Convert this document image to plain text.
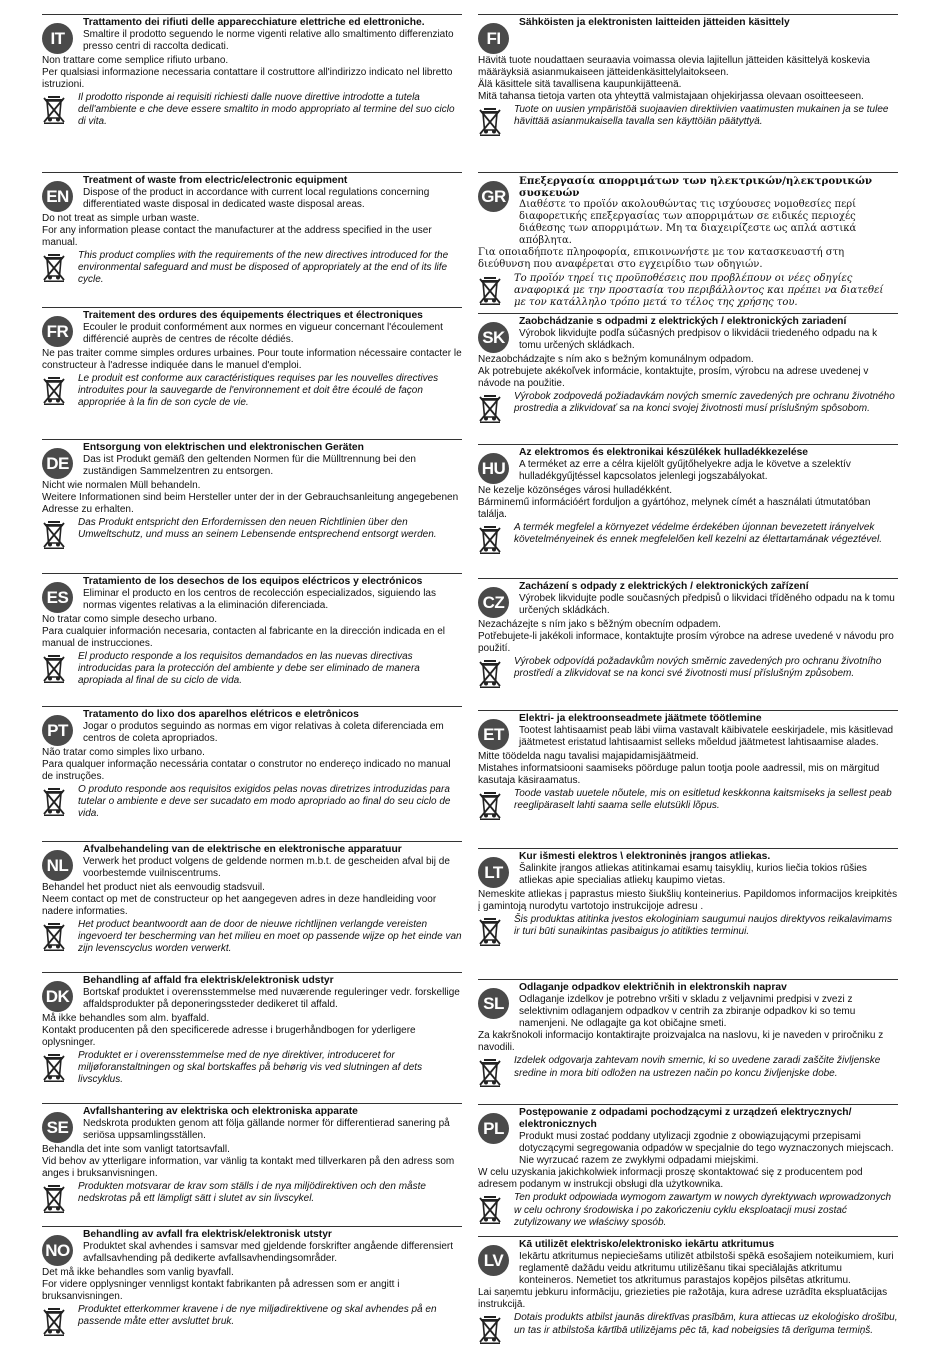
IT
Trattamento dei rifiuti delle apparecchiature elettriche ed elettroniche.
Smaltire il prodotto seguendo le norme vigenti relative allo smaltimento differenziato presso centri di raccolta dedicati.
Non trattare come semplice rifiuto urbano.
Per qualsiasi informazione necessaria contattare il costruttore all'indirizzo indicato nel libretto istruzioni.
Il prodotto risponde ai requisiti richiesti dalle nuove direttive introdotte a tutela dell'ambiente e che deve essere smaltito in modo appropriato al termine del suo ciclo di vita.
EN
Treatment of waste from electric/electronic equipment
Dispose of the product in accordance with current local regulations concerning differentiated waste disposal in dedicated waste disposal areas.
Do not treat as simple urban waste.
For any information please contact the manufacturer at the address specified in the user manual.
This product complies with the requirements of the new directives introduced for the environmental safeguard and must be disposed of appropriately at the end of its life cycle.
FR
Traitement des ordures des équipements électriques et électroniques
Ecouler le produit conformément aux normes en vigueur concernant l'écoulement différencié auprès de centres de récolte dédiés.
Ne pas traiter comme simples ordures urbaines. Pour toute information nécessaire contacter le constructeur à l'adresse indiquée dans le manuel d'emploi.
Le produit est conforme aux caractéristiques requises par les nouvelles directives introduites pour la sauvegarde de l'environnement et doit être écoulé de façon appropriée à la fin de son cycle de vie.
DE
Entsorgung von elektrischen und elektronischen Geräten
Das ist Produkt gemäß den geltenden Normen für die Mülltrennung bei den zuständigen Sammelzentren zu entsorgen.
Nicht wie normalen Müll behandeln.
Weitere Informationen sind beim Hersteller unter der in der Gebrauchsanleitung angegebenen Adresse zu erhalten.
Das Produkt entspricht den Erfordernissen den neuen Richtlinien über den Umweltschutz, und muss an seinem Lebensende entsprechend entsorgt werden.
ES
Tratamiento de los desechos de los equipos eléctricos y electrónicos
Eliminar el producto en los centros de recolección especializados, siguiendo las normas vigentes relativas a la eliminación diferenciada.
No tratar como simple desecho urbano.
Para cualquier información necesaria, contacten al fabricante en la dirección indicada en el manual de instrucciones.
El producto responde a los requisitos demandados en las nuevas directivas introducidas para la protección del ambiente y debe ser eliminado de manera apropiada al final de su ciclo de vida.
PT
Tratamento do lixo dos aparelhos elétricos e eletrônicos
Jogar o produtos seguindo as normas em vigor relativas à coleta diferenciada em centros de coleta apropriados.
Não tratar como simples lixo urbano.
Para qualquer informação necessária contatar o construtor no endereço indicado no manual de instruções.
O produto responde aos requisitos exigidos pelas novas diretrizes introduzidas para tutelar o ambiente e deve ser sucadato em modo apropriado ao final do seu ciclo de vida.
NL
Afvalbehandeling van de elektrische en elektronische apparatuur
Verwerk het product volgens de geldende normen m.b.t. de gescheiden afval bij de voorbestemde vuilniscentrums.
Behandel het product niet als eenvoudig stadsvuil.
Neem contact op met de constructeur op het aangegeven adres in deze handleiding voor nadere informaties.
Het product beantwoordt aan de door de nieuwe richtlijnen verlangde vereisten ingevoerd ter bescherming van het milieu en moet op passende wijze op het einde van zijn levenscyclus worden verwerkt.
DK
Behandling af affald fra elektrisk/elektronisk udstyr
Bortskaf produktet i overensstemmelse med nuværende reguleringer vedr. forskellige affaldsprodukter på deponeringssteder dedikeret til affald.
Må ikke behandles som alm. byaffald.
Kontakt producenten på den specificerede adresse i brugerhåndbogen for yderligere oplysninger.
Produktet er i overensstemmelse med de nye direktiver, introduceret for miljøforanstaltningen og skal bortskaffes på behørig vis ved slutningen af dets livscyklus.
SE
Avfallshantering av elektriska och elektroniska apparate
Nedskrota produkten genom att följa gällande normer för differentierad sanering på seriösa uppsamlingsställen.
Behandla det inte som vanligt tatortsavfall.
Vid behov av ytterligare information, var vänlig ta kontakt med tillverkaren på den adress som anges i bruksanvisningen.
Produkten motsvarar de krav som ställs i de nya miljödirektiven och den måste nedskrotas på ett lämpligt sätt i slutet av sin livscykel.
NO
Behandling av avfall fra elektrisk/elektronisk utstyr
Produktet skal avhendes i samsvar med gjeldende forskrifter angående differensiert avfallsavhending på dedikerte avfallsavhendingsområder.
Det må ikke behandles som vanlig byavfall.
For videre opplysninger vennligst kontakt fabrikanten på adressen som er angitt i bruksanvisningen.
Produktet etterkommer kravene i de nye miljødirektivene og skal avhendes på en passende måte etter avsluttet bruk.
FI
Sähköisten ja elektronisten laitteiden jätteiden käsittely
Hävitä tuote noudattaen seuraavia voimassa olevia lajitellun jätteiden käsittelyä koskevia määräyksiä asianmukaiseen jätteidenkäsittelylaitokseen.
Älä käsittele sitä tavallisena kaupunkijätteenä.
Mitä tahansa tietoja varten ota yhteyttä valmistajaan ohjekirjassa olevaan osoitteeseen.
Tuote on uusien ympäristöä suojaavien direktiivien vaatimusten mukainen ja se tulee hävittää asianmukaisella tavalla sen käyttöiän päätyttyä.
GR
Επεξεργασία απορριμάτων των ηλεκτρικών/ηλεκτρονικών συσκευών
Διαθέστε το προϊόν ακολουθώντας τις ισχύουσες νομοθεσίες περί διαφορετικής επεξεργασίας των απορριμάτων σε ειδικές περιοχές διάθεσης των απορριμάτων. Μη τα διαχειρίζεστε ως απλά αστικά απόβλητα.
Για οποιαδήποτε πληροφορία, επικοινωνήστε με τον κατασκευαστή στη διεύθυνση που αναφέρεται στο εγχειρίδιο των οδηγιών.
Το προϊόν τηρεί τις προϋποθέσεις που προβλέπουν οι νέες οδηγίες αναφορικά με την προστασία του περιβάλλοντος και πρέπει να διατεθεί με τον κατάλληλο τρόπο μετά το τέλος της χρήσης του.
SK
Zaobchádzanie s odpadmi z elektrických / elektronických zariadení
Výrobok likvidujte podľa súčasných predpisov o likvidácii triedeného odpadu na k tomu určených skládkach.
Nezaobchádzajte s ním ako s bežným komunálnym odpadom.
Ak potrebujete akékoľvek informácie, kontaktujte, prosím, výrobcu na adrese uvedenej v návode na použitie.
Výrobok zodpovedá požiadavkám nových smerníc zavedených pre ochranu životného prostredia a zlikvidovať sa na konci svojej životnosti musí príslušným spôsobom.
HU
Az elektromos és elektronikai készülékek hulladékkezelése
A terméket az erre a célra kijelölt gyűjtőhelyekre adja le követve a szelektív hulladékgyűjtéssel kapcsolatos jelenlegi jogszabályokat.
Ne kezelje közönséges városi hulladékként.
Bárminemű információért forduljon a gyártóhoz, melynek címét a használati útmutatóban találja.
A termék megfelel a környezet védelme érdekében újonnan bevezetett irányelvek követelményeinek és ennek megfelelően kell kezelni az élettartamának végeztével.
CZ
Zacházení s odpady z elektrických / elektronických zařízení
Výrobek likvidujte podle současných předpisů o likvidaci tříděného odpadu na k tomu určených skládkách.
Nezacházejte s ním jako s běžným obecním odpadem.
Potřebujete-li jakékoli informace, kontaktujte prosím výrobce na adrese uvedené v návodu pro použití.
Výrobek odpovídá požadavkům nových směrnic zavedených pro ochranu životního prostředí a zlikvidovat se na konci své životnosti musí příslušným způsobem.
ET
Elektri- ja elektroonseadmete jäätmete töötlemine
Tootest lahtisaamist peab läbi viima vastavalt käibivatele eeskirjadele, mis käsitlevad jäätmetest eristatud lahtisaamist selleks mõeldud jäätmetest lahtisaamise alades.
Mitte töödelda nagu tavalisi majapidamisjäätmeid.
Mistahes informatsiooni saamiseks pöörduge palun tootja poole aadressil, mis on märgitud kasutaja käsiraamatus.
Toode vastab uuetele nõutele, mis on esitletud keskkonna kaitsmiseks ja sellest peab reeglipäraselt lahti saama selle elutsükli lõpus.
LT
Kur išmesti elektros \ elektroninės įrangos atliekas.
Šalinkite įrangos atliekas atitinkamai esamų taisyklių, kurios liečia tokios rūšies atliekas apie specialias atliekų kaupimo vietas.
Nemeskite atliekas į paprastus miesto šiukšlių konteinerius. Papildomos informacijos kreipkitės į gamintoją nurodytu vartotojo instrukcijoje adresu .
Šis produktas atitinka įvestos ekologiniam saugumui naujos direktyvos reikalavimams ir turi būti sunaikintas pasibaigus jo atitikties terminui.
SL
Odlaganje odpadkov električnih in elektronskih naprav
Odlaganje izdelkov je potrebno vršiti v skladu z veljavnimi predpisi v zvezi z selektivnim odlaganjem odpadkov v centrih za zbiranje odpadkov ki so temu namenjeni. Ne odlagajte ga kot običajne smeti.
Za kakršnokoli informacijo kontaktirajte proizvajalca na naslovu, ki je naveden v priročniku z navodili.
Izdelek odgovarja zahtevam novih smernic, ki so uvedene zaradi zaščite življenske sredine in mora biti odložen na ustrezen način po koncu življenjske dobe.
PL
Postępowanie z odpadami pochodzącymi z urządzeń elektrycznych/ elektronicznych
Produkt musi zostać poddany utylizacji zgodnie z obowiązującymi przepisami dotyczącymi segregowania odpadów w specjalnie do tego wyznaczonych miejscach. Nie wyrzucać razem ze zwykłymi odpadami miejskimi.
W celu uzyskania jakichkolwiek informacji proszę skontaktować się z producentem pod adresem podanym w instrukcji obsługi dla użytkownika.
Ten produkt odpowiada wymogom zawartym w nowych dyrektywach wprowadzonych w celu ochrony środowiska i po zakończeniu cyklu eksploatacji musi zostać zutylizowany we właściwy sposób.
LV
Kā utilizēt elektrisko/elektronisko iekārtu atkritumus
Iekārtu atkritumus nepieciešams utilizēt atbilstoši spēkā esošajiem noteikumiem, kuri reglamentē dažādu veidu atkritumu utilizēšanu tikai speciālajās atkritumu konteineros. Nemetiet tos atkritumus parastajos kopējos pilsētas atkritumu.
Lai saņemtu jebkuru informāciju, griezieties pie ražotāja, kura adrese uzrādīta ekspluatācijas instrukcijā.
Dotais produkts atbilst jaunās direktīvas prasībām, kura attiecas uz ekoloģisko drošību, un tas ir atbilstoša kārtībā utilizējams pēc tā, kad nobeigsies tā derīguma termiņš.
